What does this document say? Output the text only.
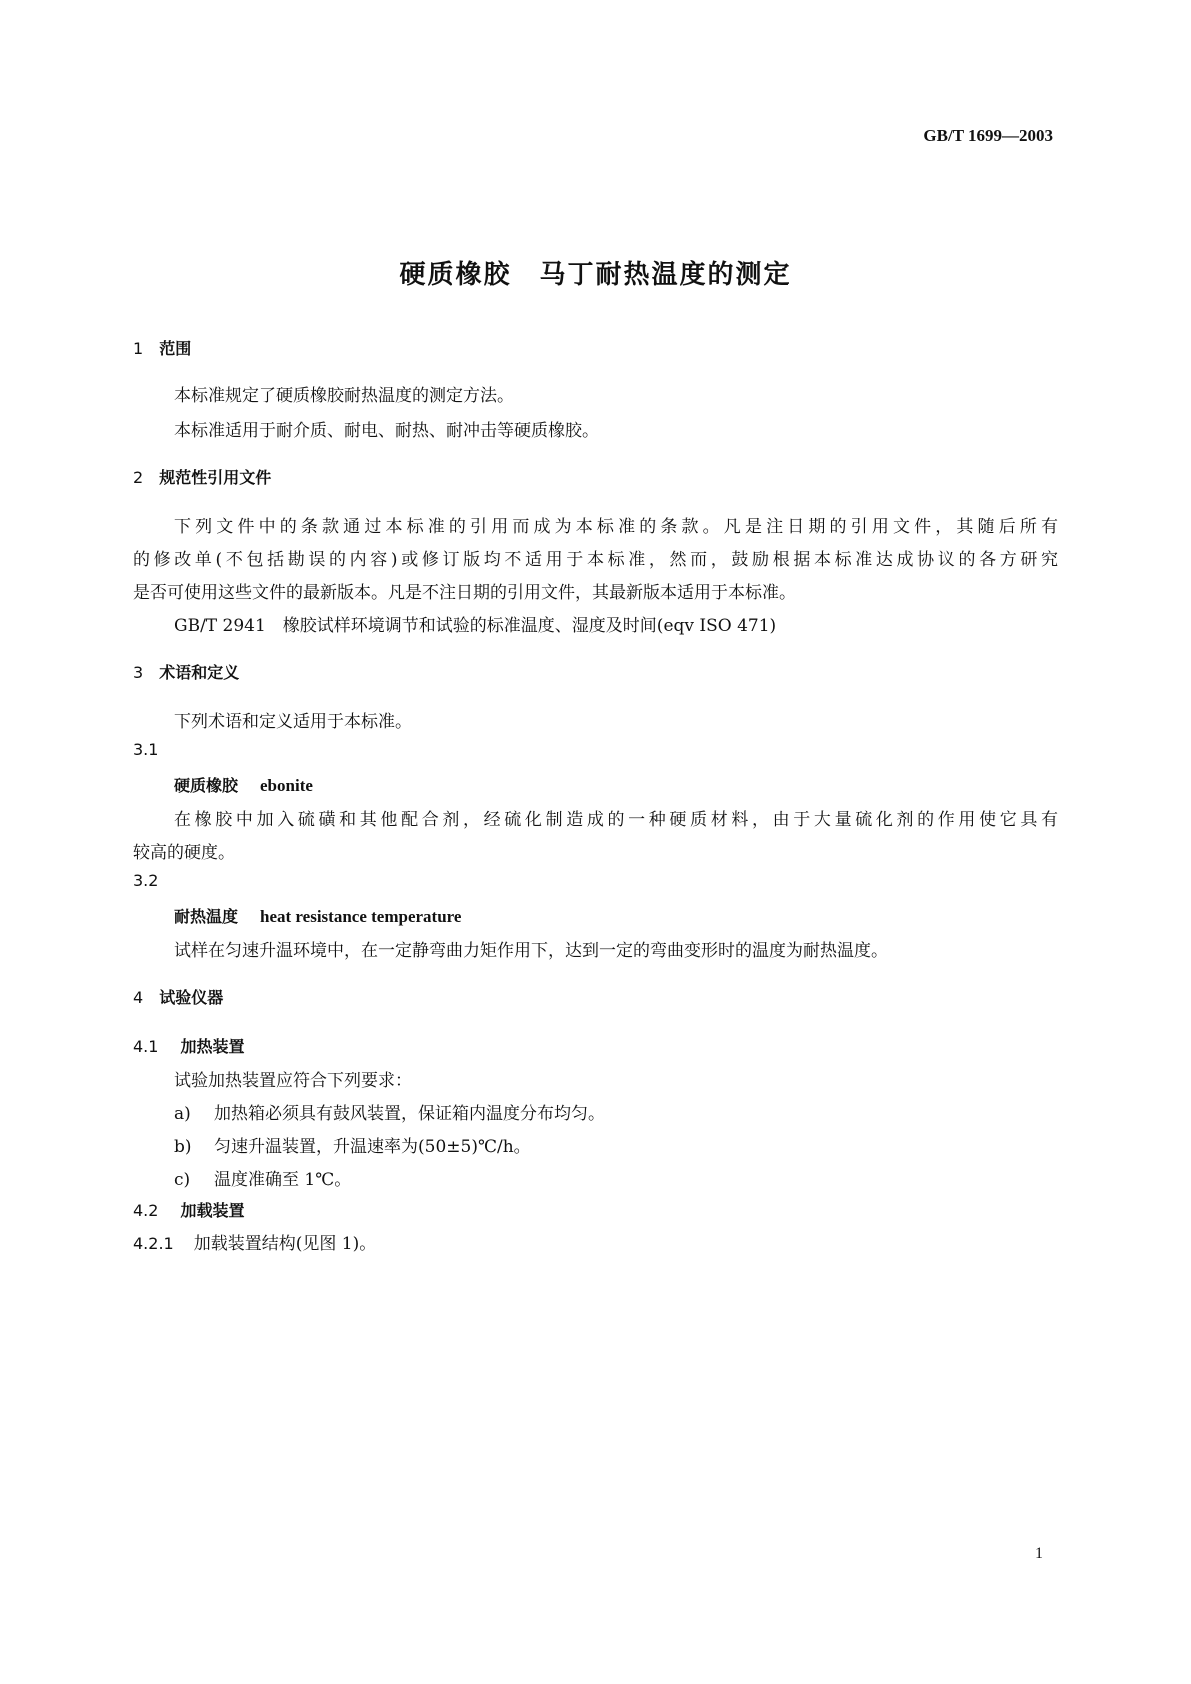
GB/T 1699—2003
硬质橡胶　马丁耐热温度的测定
1 范围
本标准规定了硬质橡胶耐热温度的测定方法。
本标准适用于耐介质、耐电、耐热、耐冲击等硬质橡胶。
2 规范性引用文件
下列文件中的条款通过本标准的引用而成为本标准的条款。凡是注日期的引用文件，其随后所有
的修改单(不包括勘误的内容)或修订版均不适用于本标准，然而，鼓励根据本标准达成协议的各方研究
是否可使用这些文件的最新版本。凡是不注日期的引用文件，其最新版本适用于本标准。
GB/T 2941　橡胶试样环境调节和试验的标准温度、湿度及时间(eqv ISO 471)
3 术语和定义
下列术语和定义适用于本标准。
3.1
硬质橡胶 ebonite
在橡胶中加入硫磺和其他配合剂，经硫化制造成的一种硬质材料，由于大量硫化剂的作用使它具有
较高的硬度。
3.2
耐热温度 heat resistance temperature
试样在匀速升温环境中，在一定静弯曲力矩作用下，达到一定的弯曲变形时的温度为耐热温度。
4 试验仪器
4.1 加热装置
试验加热装置应符合下列要求：
a) 加热箱必须具有鼓风装置，保证箱内温度分布均匀。
b) 匀速升温装置，升温速率为(50±5)℃/h。
c) 温度准确至 1℃。
4.2 加载装置
4.2.1 加载装置结构(见图 1)。
1
